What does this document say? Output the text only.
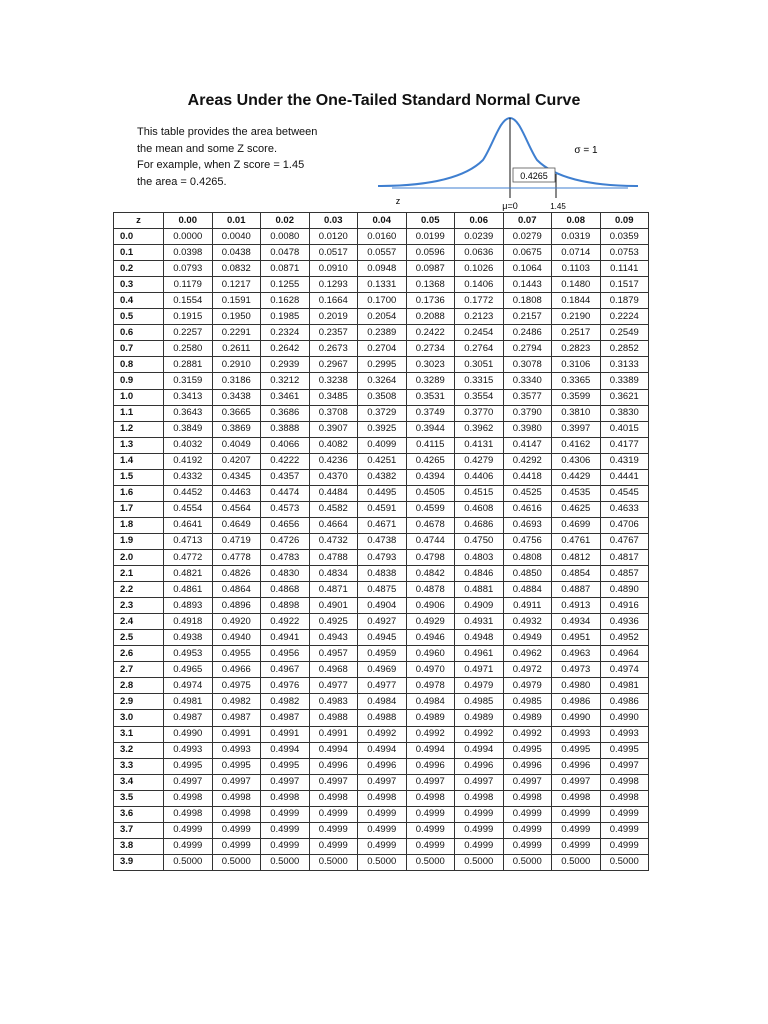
Areas Under the One-Tailed Standard Normal Curve
This table provides the area between
the mean and some Z score.
For example, when Z score = 1.45
the area = 0.4265.	0.4265
σ = 1
z	μ=0	1.45
z	0.00	0.01	0.02	0.03	0.04	0.05	0.06	0.07	0.08	0.09
0.0	0.0000	0.0040	0.0080	0.0120	0.0160	0.0199	0.0239	0.0279	0.0319	0.0359
0.1	0.0398	0.0438	0.0478	0.0517	0.0557	0.0596	0.0636	0.0675	0.0714	0.0753
0.2	0.0793	0.0832	0.0871	0.0910	0.0948	0.0987	0.1026	0.1064	0.1103	0.1141
0.3	0.1179	0.1217	0.1255	0.1293	0.1331	0.1368	0.1406	0.1443	0.1480	0.1517
0.4	0.1554	0.1591	0.1628	0.1664	0.1700	0.1736	0.1772	0.1808	0.1844	0.1879
0.5	0.1915	0.1950	0.1985	0.2019	0.2054	0.2088	0.2123	0.2157	0.2190	0.2224
0.6	0.2257	0.2291	0.2324	0.2357	0.2389	0.2422	0.2454	0.2486	0.2517	0.2549
0.7	0.2580	0.2611	0.2642	0.2673	0.2704	0.2734	0.2764	0.2794	0.2823	0.2852
0.8	0.2881	0.2910	0.2939	0.2967	0.2995	0.3023	0.3051	0.3078	0.3106	0.3133
0.9	0.3159	0.3186	0.3212	0.3238	0.3264	0.3289	0.3315	0.3340	0.3365	0.3389
1.0	0.3413	0.3438	0.3461	0.3485	0.3508	0.3531	0.3554	0.3577	0.3599	0.3621
1.1	0.3643	0.3665	0.3686	0.3708	0.3729	0.3749	0.3770	0.3790	0.3810	0.3830
1.2	0.3849	0.3869	0.3888	0.3907	0.3925	0.3944	0.3962	0.3980	0.3997	0.4015
1.3	0.4032	0.4049	0.4066	0.4082	0.4099	0.4115	0.4131	0.4147	0.4162	0.4177
1.4	0.4192	0.4207	0.4222	0.4236	0.4251	0.4265	0.4279	0.4292	0.4306	0.4319
1.5	0.4332	0.4345	0.4357	0.4370	0.4382	0.4394	0.4406	0.4418	0.4429	0.4441
1.6	0.4452	0.4463	0.4474	0.4484	0.4495	0.4505	0.4515	0.4525	0.4535	0.4545
1.7	0.4554	0.4564	0.4573	0.4582	0.4591	0.4599	0.4608	0.4616	0.4625	0.4633
1.8	0.4641	0.4649	0.4656	0.4664	0.4671	0.4678	0.4686	0.4693	0.4699	0.4706
1.9	0.4713	0.4719	0.4726	0.4732	0.4738	0.4744	0.4750	0.4756	0.4761	0.4767
2.0	0.4772	0.4778	0.4783	0.4788	0.4793	0.4798	0.4803	0.4808	0.4812	0.4817
2.1	0.4821	0.4826	0.4830	0.4834	0.4838	0.4842	0.4846	0.4850	0.4854	0.4857
2.2	0.4861	0.4864	0.4868	0.4871	0.4875	0.4878	0.4881	0.4884	0.4887	0.4890
2.3	0.4893	0.4896	0.4898	0.4901	0.4904	0.4906	0.4909	0.4911	0.4913	0.4916
2.4	0.4918	0.4920	0.4922	0.4925	0.4927	0.4929	0.4931	0.4932	0.4934	0.4936
2.5	0.4938	0.4940	0.4941	0.4943	0.4945	0.4946	0.4948	0.4949	0.4951	0.4952
2.6	0.4953	0.4955	0.4956	0.4957	0.4959	0.4960	0.4961	0.4962	0.4963	0.4964
2.7	0.4965	0.4966	0.4967	0.4968	0.4969	0.4970	0.4971	0.4972	0.4973	0.4974
2.8	0.4974	0.4975	0.4976	0.4977	0.4977	0.4978	0.4979	0.4979	0.4980	0.4981
2.9	0.4981	0.4982	0.4982	0.4983	0.4984	0.4984	0.4985	0.4985	0.4986	0.4986
3.0	0.4987	0.4987	0.4987	0.4988	0.4988	0.4989	0.4989	0.4989	0.4990	0.4990
3.1	0.4990	0.4991	0.4991	0.4991	0.4992	0.4992	0.4992	0.4992	0.4993	0.4993
3.2	0.4993	0.4993	0.4994	0.4994	0.4994	0.4994	0.4994	0.4995	0.4995	0.4995
3.3	0.4995	0.4995	0.4995	0.4996	0.4996	0.4996	0.4996	0.4996	0.4996	0.4997
3.4	0.4997	0.4997	0.4997	0.4997	0.4997	0.4997	0.4997	0.4997	0.4997	0.4998
3.5	0.4998	0.4998	0.4998	0.4998	0.4998	0.4998	0.4998	0.4998	0.4998	0.4998
3.6	0.4998	0.4998	0.4999	0.4999	0.4999	0.4999	0.4999	0.4999	0.4999	0.4999
3.7	0.4999	0.4999	0.4999	0.4999	0.4999	0.4999	0.4999	0.4999	0.4999	0.4999
3.8	0.4999	0.4999	0.4999	0.4999	0.4999	0.4999	0.4999	0.4999	0.4999	0.4999
3.9	0.5000	0.5000	0.5000	0.5000	0.5000	0.5000	0.5000	0.5000	0.5000	0.5000
